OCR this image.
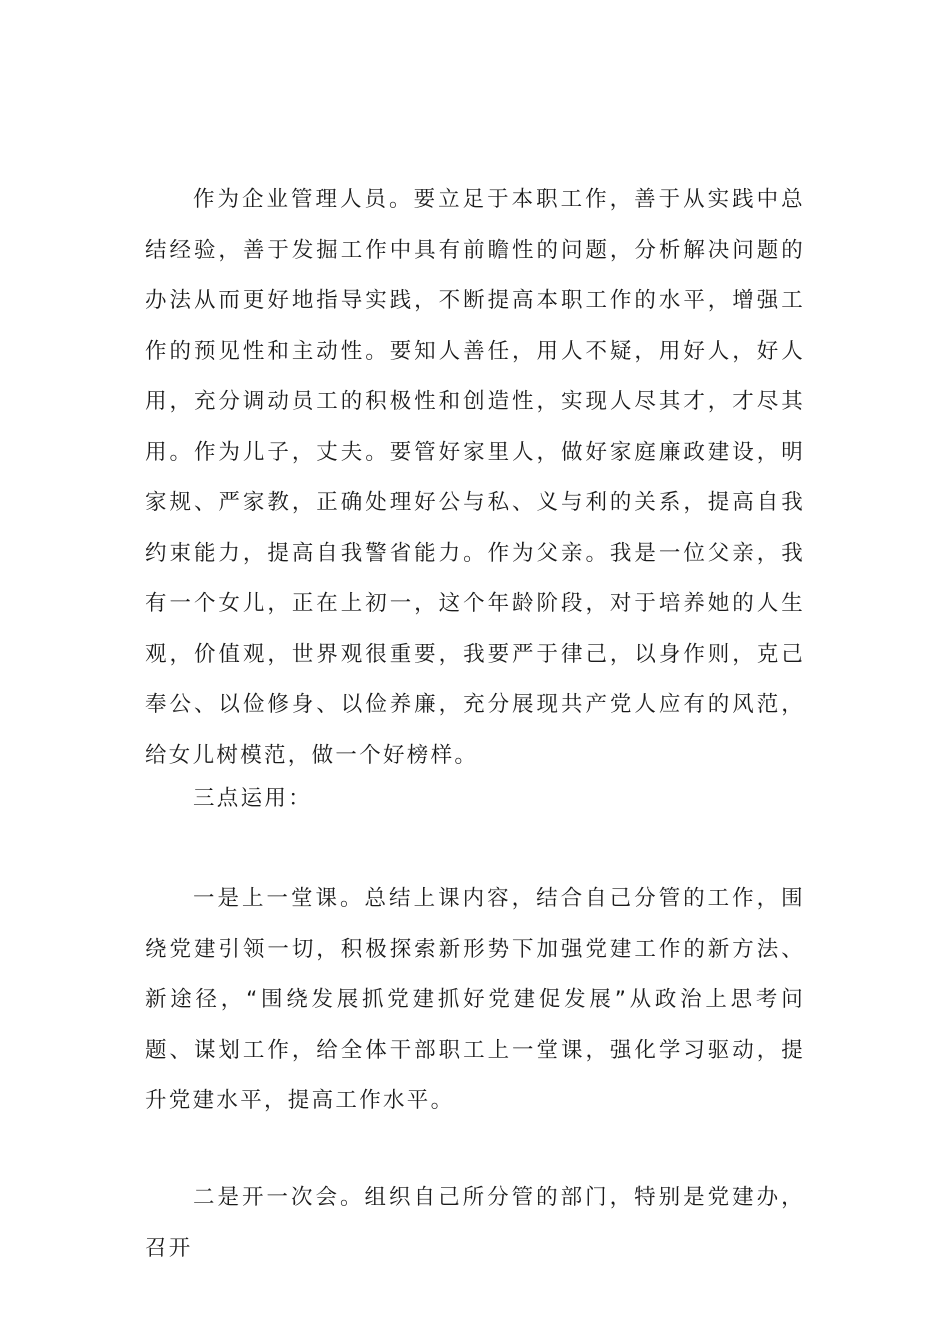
作为企业管理人员。要立足于本职工作，善于从实践中总结经验，善于发掘工作中具有前瞻性的问题，分析解决问题的办法从而更好地指导实践，不断提高本职工作的水平，增强工作的预见性和主动性。要知人善任，用人不疑，用好人，好人用，充分调动员工的积极性和创造性，实现人尽其才，才尽其用。作为儿子，丈夫。要管好家里人，做好家庭廉政建设，明家规、严家教，正确处理好公与私、义与利的关系，提高自我约束能力，提高自我警省能力。作为父亲。我是一位父亲，我有一个女儿，正在上初一，这个年龄阶段，对于培养她的人生观，价值观，世界观很重要，我要严于律己，以身作则，克己奉公、以俭修身、以俭养廉，充分展现共产党人应有的风范，给女儿树模范，做一个好榜样。

三点运用：

一是上一堂课。总结上课内容，结合自己分管的工作，围绕党建引领一切，积极探索新形势下加强党建工作的新方法、新途径，“围绕发展抓党建抓好党建促发展”从政治上思考问题、谋划工作，给全体干部职工上一堂课，强化学习驱动，提升党建水平，提高工作水平。

二是开一次会。组织自己所分管的部门，特别是党建办，召开
